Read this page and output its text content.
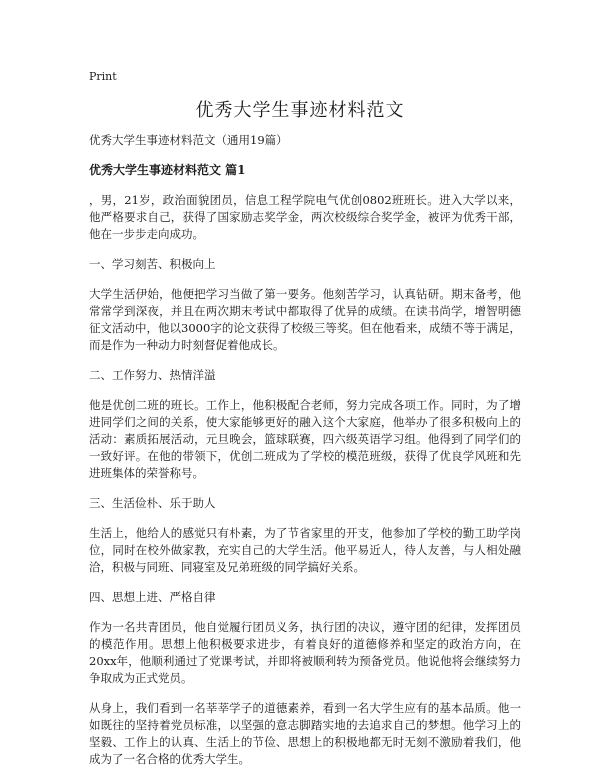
Print
优秀大学生事迹材料范文

优秀大学生事迹材料范文（通用19篇）

优秀大学生事迹材料范文 篇1

，男，21岁，政治面貌团员，信息工程学院电气优创0802班班长。进入大学以来，他严格要求自己，获得了国家励志奖学金，两次校级综合奖学金，被评为优秀干部，他在一步步走向成功。

一、学习刻苦、积极向上

大学生活伊始，他便把学习当做了第一要务。他刻苦学习，认真钻研。期末备考，他常常学到深夜，并且在两次期末考试中都取得了优异的成绩。在读书尚学，增智明德征文活动中，他以3000字的论文获得了校级三等奖。但在他看来，成绩不等于满足，而是作为一种动力时刻督促着他成长。

二、工作努力、热情洋溢

他是优创二班的班长。工作上，他积极配合老师，努力完成各项工作。同时，为了增进同学们之间的关系，使大家能够更好的融入这个大家庭，他举办了很多积极向上的活动：素质拓展活动，元旦晚会，篮球联赛，四六级英语学习组。他得到了同学们的一致好评。在他的带领下，优创二班成为了学校的模范班级，获得了优良学风班和先进班集体的荣誉称号。

三、生活俭朴、乐于助人

生活上，他给人的感觉只有朴素，为了节省家里的开支，他参加了学校的勤工助学岗位，同时在校外做家教，充实自己的大学生活。他平易近人，待人友善，与人相处融洽，积极与同班、同寝室及兄弟班级的同学搞好关系。

四、思想上进、严格自律

作为一名共青团员，他自觉履行团员义务，执行团的决议，遵守团的纪律，发挥团员的模范作用。思想上他积极要求进步，有着良好的道德修养和坚定的政治方向，在20xx年，他顺利通过了党课考试，并即将被顺利转为预备党员。他说他将会继续努力争取成为正式党员。

从身上，我们看到一名莘莘学子的道德素养，看到一名大学生应有的基本品质。他一如既往的坚持着党员标准，以坚强的意志脚踏实地的去追求自己的梦想。他学习上的坚毅、工作上的认真、生活上的节俭、思想上的积极地都无时无刻不激励着我们，他成为了一名合格的优秀大学生。
